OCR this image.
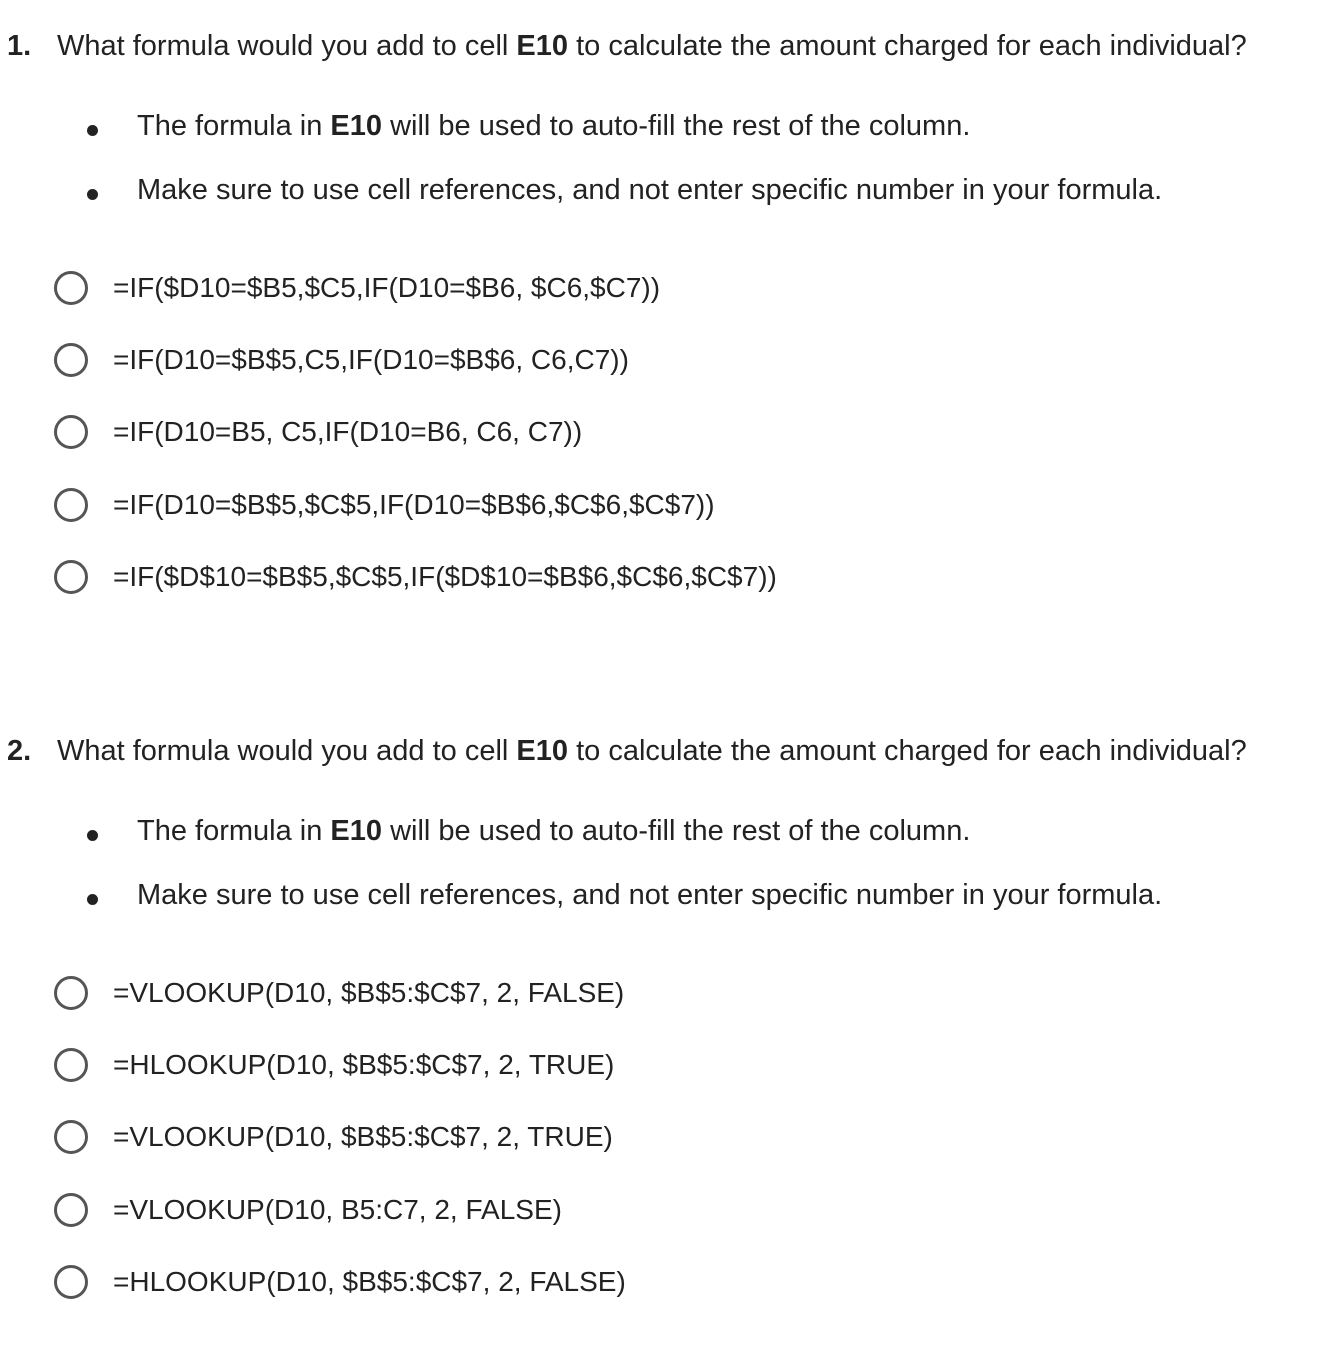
1. What formula would you add to cell E10 to calculate the amount charged for each individual?
The formula in E10 will be used to auto-fill the rest of the column.
Make sure to use cell references, and not enter specific number in your formula.
=IF($D10=$B5,$C5,IF(D10=$B6, $C6,$C7))
=IF(D10=$B$5,C5,IF(D10=$B$6, C6,C7))
=IF(D10=B5, C5,IF(D10=B6, C6, C7))
=IF(D10=$B$5,$C$5,IF(D10=$B$6,$C$6,$C$7))
=IF($D$10=$B$5,$C$5,IF($D$10=$B$6,$C$6,$C$7))
2. What formula would you add to cell E10 to calculate the amount charged for each individual?
The formula in E10 will be used to auto-fill the rest of the column.
Make sure to use cell references, and not enter specific number in your formula.
=VLOOKUP(D10, $B$5:$C$7, 2, FALSE)
=HLOOKUP(D10, $B$5:$C$7, 2, TRUE)
=VLOOKUP(D10, $B$5:$C$7, 2, TRUE)
=VLOOKUP(D10, B5:C7, 2, FALSE)
=HLOOKUP(D10, $B$5:$C$7, 2, FALSE)
